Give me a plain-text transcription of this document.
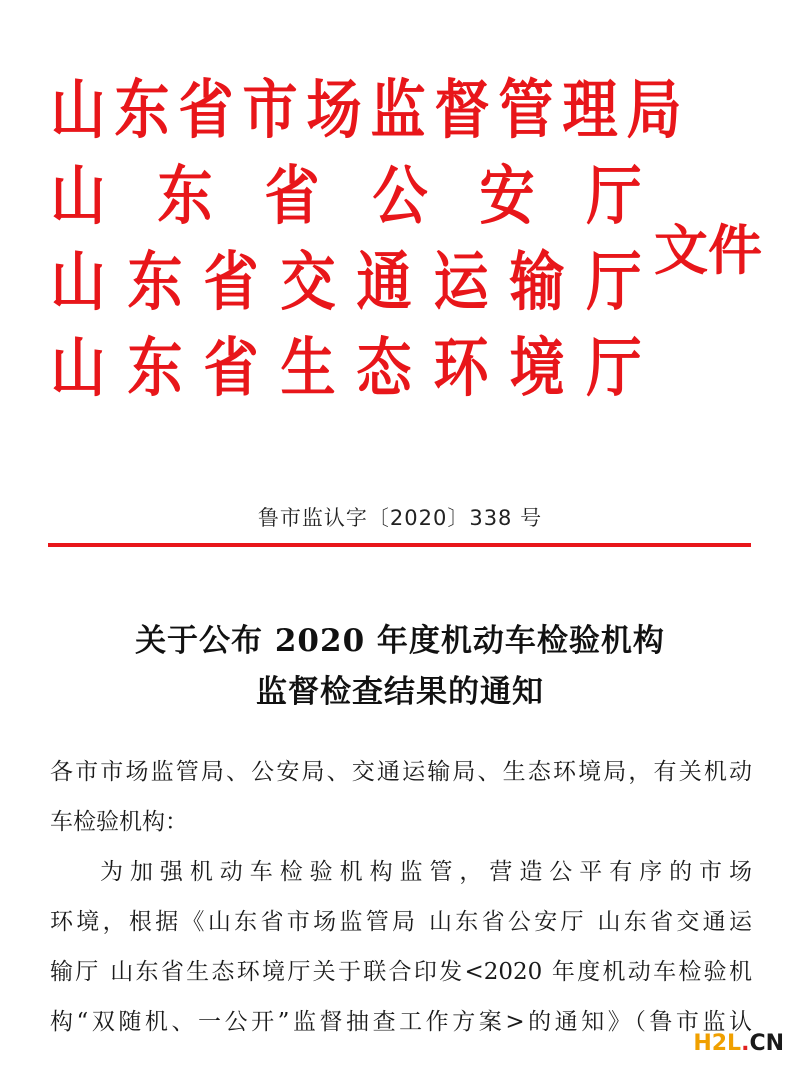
山 东 省 市 场 监 督 管 理 局
山 东 省 公 安 厅
山 东 省 交 通 运 输 厅
山 东 省 生 态 环 境 厅
文件
鲁市监认字〔2020〕338 号
关于公布 2020 年度机动车检验机构
监督检查结果的通知
各市市场监管局、公安局、交通运输局、生态环境局，有关机动
车检验机构：
为加强机动车检验机构监管，营造公平有序的市场
环境，根据《山东省市场监管局 山东省公安厅 山东省交通运
输厅 山东省生态环境厅关于联合印发<2020 年度机动车检验机
构“双随机、一公开”监督抽查工作方案>的通知》（鲁市监认
H2L.CN
